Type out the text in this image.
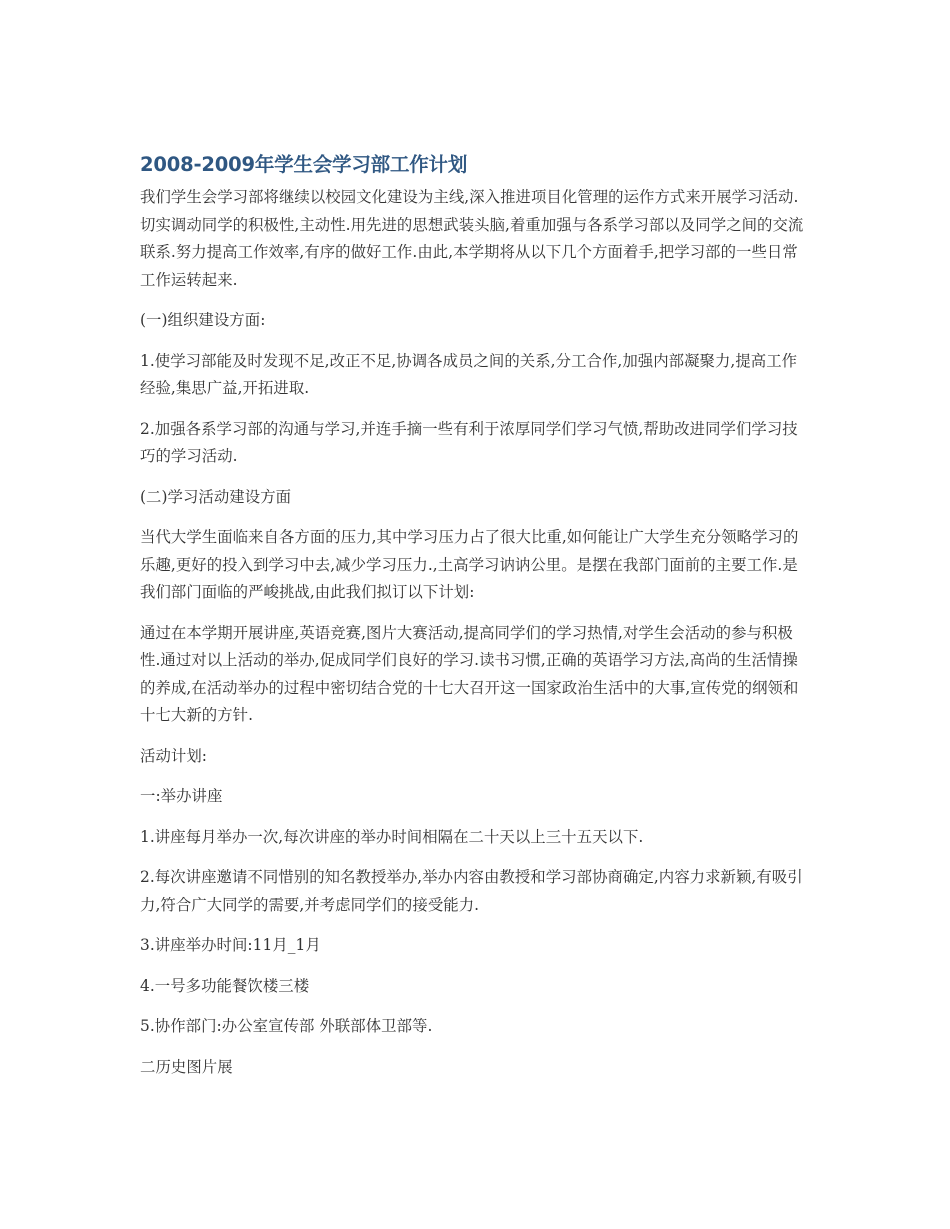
2008-2009年学生会学习部工作计划

我们学生会学习部将继续以校园文化建设为主线,深入推进项目化管理的运作方式来开展学习活动.切实调动同学的积极性,主动性.用先进的思想武装头脑,着重加强与各系学习部以及同学之间的交流联系.努力提高工作效率,有序的做好工作.由此,本学期将从以下几个方面着手,把学习部的一些日常工作运转起来.

(一)组织建设方面:

1.使学习部能及时发现不足,改正不足,协调各成员之间的关系,分工合作,加强内部凝聚力,提高工作经验,集思广益,开拓进取.

2.加强各系学习部的沟通与学习,并连手摘一些有利于浓厚同学们学习气愤,帮助改进同学们学习技巧的学习活动.

(二)学习活动建设方面

当代大学生面临来自各方面的压力,其中学习压力占了很大比重,如何能让广大学生充分领略学习的乐趣,更好的投入到学习中去,减少学习压力.,土高学习讷讷公里。是摆在我部门面前的主要工作.是我们部门面临的严峻挑战,由此我们拟订以下计划:

通过在本学期开展讲座,英语竞赛,图片大赛活动,提高同学们的学习热情,对学生会活动的参与积极性.通过对以上活动的举办,促成同学们良好的学习.读书习惯,正确的英语学习方法,高尚的生活情操的养成,在活动举办的过程中密切结合党的十七大召开这一国家政治生活中的大事,宣传党的纲领和十七大新的方针.

活动计划:

一:举办讲座

1.讲座每月举办一次,每次讲座的举办时间相隔在二十天以上三十五天以下.

2.每次讲座邀请不同惜别的知名教授举办,举办内容由教授和学习部协商确定,内容力求新颖,有吸引力,符合广大同学的需要,并考虑同学们的接受能力.

3.讲座举办时间:11月_1月

4.一号多功能餐饮楼三楼

5.协作部门:办公室宣传部 外联部体卫部等.

二历史图片展
